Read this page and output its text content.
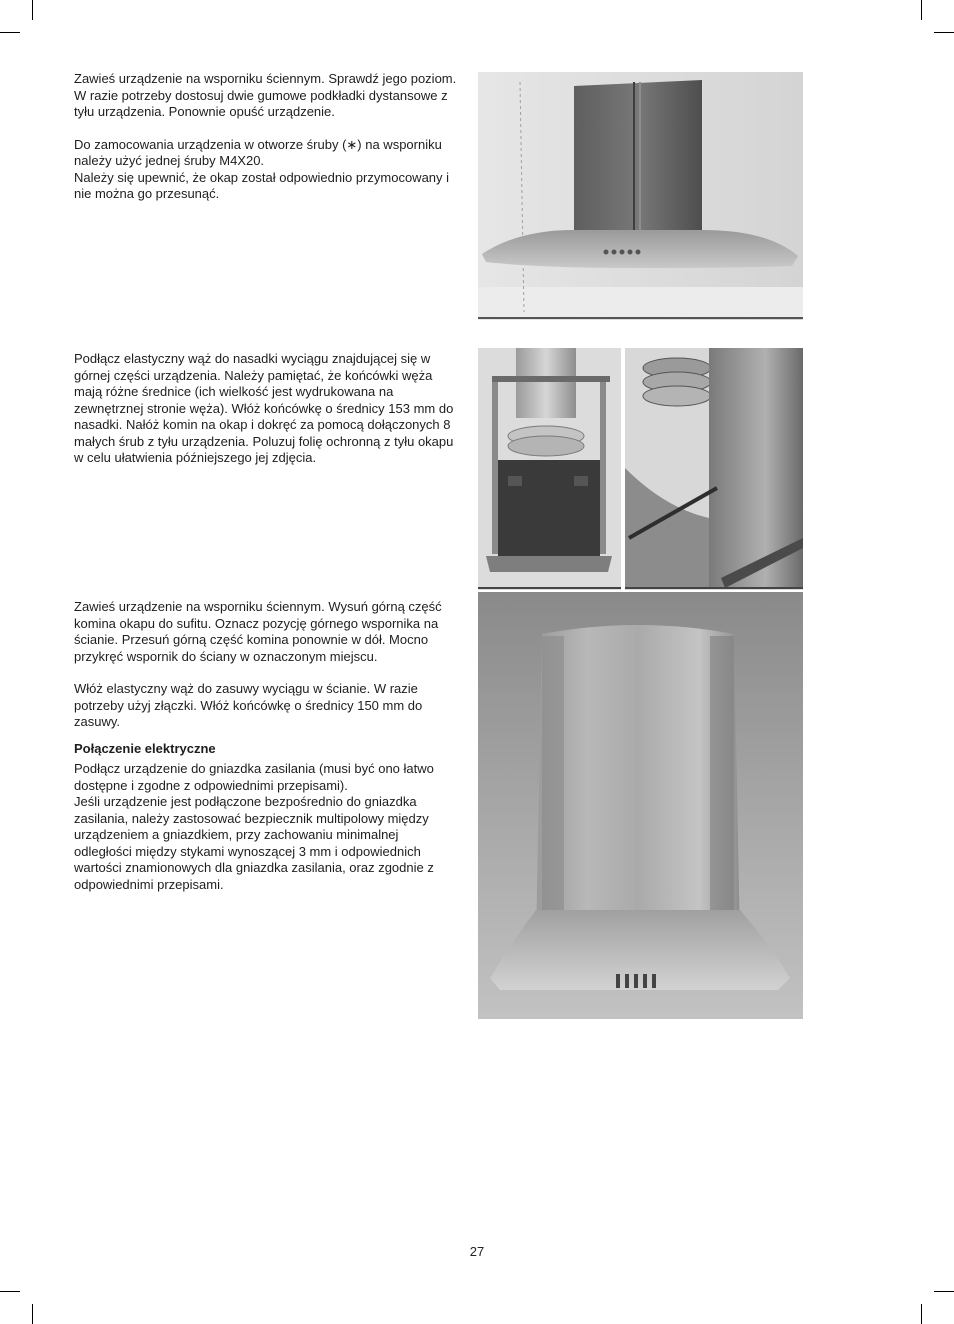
Zawieś urządzenie na wsporniku ściennym. Sprawdź jego poziom. W razie potrzeby dostosuj dwie gumowe podkładki dystansowe z tyłu urządzenia. Ponownie opuść urządzenie.

Do zamocowania urządzenia w otworze śruby (∗) na wsporniku należy użyć jednej śruby M4X20.
Należy się upewnić, że okap został odpowiednio przymocowany i nie można go przesunąć.

Podłącz elastyczny wąż do nasadki wyciągu znajdującej się w górnej części urządzenia. Należy pamiętać, że końcówki węża mają różne średnice (ich wielkość jest wydrukowana na zewnętrznej stronie węża). Włóż końcówkę o średnicy 153 mm do nasadki. Nałóż komin na okap i dokręć za pomocą dołączonych 8 małych śrub z tyłu urządzenia. Poluzuj folię ochronną z tyłu okapu w celu ułatwienia późniejszego jej zdjęcia.

Zawieś urządzenie na wsporniku ściennym. Wysuń górną część komina okapu do sufitu. Oznacz pozycję górnego wspornika na ścianie. Przesuń górną część komina ponownie w dół. Mocno przykręć wspornik do ściany w oznaczonym miejscu.

Włóż elastyczny wąż do zasuwy wyciągu w ścianie. W razie potrzeby użyj złączki. Włóż końcówkę o średnicy 150 mm do zasuwy.

Połączenie elektryczne
Podłącz urządzenie do gniazdka zasilania (musi być ono łatwo dostępne i zgodne z odpowiednimi przepisami).
Jeśli urządzenie jest podłączone bezpośrednio do gniazdka zasilania, należy zastosować bezpiecznik multipolowy między urządzeniem a gniazdkiem, przy zachowaniu minimalnej odległości między stykami wynoszącej 3 mm i odpowiednich wartości znamionowych dla gniazdka zasilania, oraz zgodnie z odpowiednimi przepisami.
27
